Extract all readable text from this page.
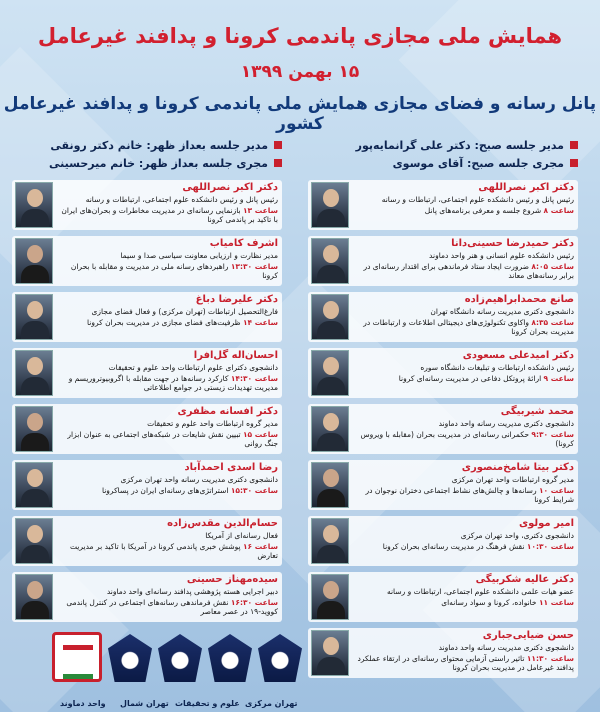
همایش ملی مجازی پاندمی کرونا و پدافند غیرعامل
۱۵ بهمن ۱۳۹۹
پانل رسانه و فضای مجازی همایش ملی پاندمی کرونا و پدافند غیرعامل کشور
مدیر جلسه صبح: دکتر علی گرانمایه‌پور
مجری جلسه صبح: آقای موسوی
مدیر جلسه بعداز ظهر: خانم دکتر رونقی
مجری جلسه بعداز ظهر: خانم میرحسینی
دکتر اکبر نصراللهی
رئیس پانل و رئیس دانشکده علوم اجتماعی، ارتباطات و رسانه
ساعت ۸ شروع جلسه و معرفی برنامه‌های پانل
دکتر حمیدرضا حسینی‌دانا
رئیس دانشکده علوم انسانی و هنر واحد دماوند
ساعت ۸:۰۵ ضرورت ایجاد ستاد فرماندهی برای اقتدار رسانه‌ای در برابر رسانه‌های معاند
صانع محمدابراهیم‌زاده
دانشجوی دکتری مدیریت رسانه دانشگاه تهران
ساعت ۸:۳۵ واکاوی تکنولوژی‌های دیجیتالی اطلاعات و ارتباطات در مدیریت بحران کرونا
دکتر امیدعلی مسعودی
رئیس دانشکده ارتباطات و تبلیغات دانشگاه سوره
ساعت ۹ ارائهٔ پروتکل دفاعی در مدیریت رسانه‌ای کرونا
محمد شیربیگی
دانشجوی دکتری مدیریت رسانه واحد دماوند
ساعت ۹:۳۰ حکمرانی رسانه‌ای در مدیریت بحران (مقابله با ویروس کرونا)
دکتر بیتا شامخ‌منصوری
مدیر گروه ارتباطات واحد تهران مرکزی
ساعت ۱۰ رسانه‌ها و چالش‌های نشاط اجتماعی دختران نوجوان در شرایط کرونا
امیر مولوی
دانشجوی دکتری، واحد تهران مرکزی
ساعت ۱۰:۳۰ نقش فرهنگ در مدیریت رسانه‌ای بحران کرونا
دکتر عالیه شکربیگی
عضو هیات علمی دانشکده علوم اجتماعی، ارتباطات و رسانه
ساعت ۱۱ خانواده، کرونا و سواد رسانه‌ای
حسن ضیایی‌جباری
دانشجوی دکتری مدیریت رسانه واحد دماوند
ساعت ۱۱:۳۰ تاثیر راستی آزمایی محتوای رسانه‌ای در ارتقاء عملکرد پدافند غیرعامل در مدیریت بحران کرونا
دکتر اکبر نصراللهی
رئیس پانل و رئیس دانشکده علوم اجتماعی، ارتباطات و رسانه
ساعت ۱۳ بازنمایی رسانه‌ای در مدیریت مخاطرات و بحران‌های ایران با تاکید بر پاندمی کرونا
اشرف کامیاب
مدیر نظارت و ارزیابی معاونت سیاسی صدا و سیما
ساعت ۱۳:۳۰ راهبردهای رسانه ملی در مدیریت و مقابله با بحران کرونا
دکتر علیرضا دباغ
فارغ‌التحصیل ارتباطات (تهران مرکزی) و فعال فضای مجازی
ساعت ۱۴ ظرفیت‌های فضای مجازی در مدیریت بحران کرونا
احسان‌اله گل‌افرا
دانشجوی دکترای علوم ارتباطات واحد علوم و تحقیقات
ساعت ۱۴:۳۰ کارکرد رسانه‌ها در جهت مقابله با اگروبیوتروریسم و مدیریت تهدیدات زیستی در جوامع اطلاعاتی
دکتر افسانه مظفری
مدیر گروه ارتباطات واحد علوم و تحقیقات
ساعت ۱۵ تبیین نقش شایعات در شبکه‌های اجتماعی به عنوان ابزار جنگ روانی
رضا اسدی احمدآباد
دانشجوی دکتری مدیریت رسانه واحد تهران مرکزی
ساعت ۱۵:۳۰ استراتژی‌های رسانه‌ای ایران در پساکرونا
حسام‌الدین مقدس‌زاده
فعال رسانه‌ای از آمریکا
ساعت ۱۶ پوشش خبری پاندمی کرونا در آمریکا با تاکید بر مدیریت تعارض
سیده‌مهناز حسینی
دبیر اجرایی هسته پژوهشی پدافند رسانه‌ای واحد دماوند
ساعت ۱۶:۳۰ نقش فرماندهی رسانه‌های اجتماعی در کنترل پاندمی کووید-۱۹ در عصر معاصر
تهران مرکزی
علوم و تحقیقات
تهران شمال
واحد دماوند
